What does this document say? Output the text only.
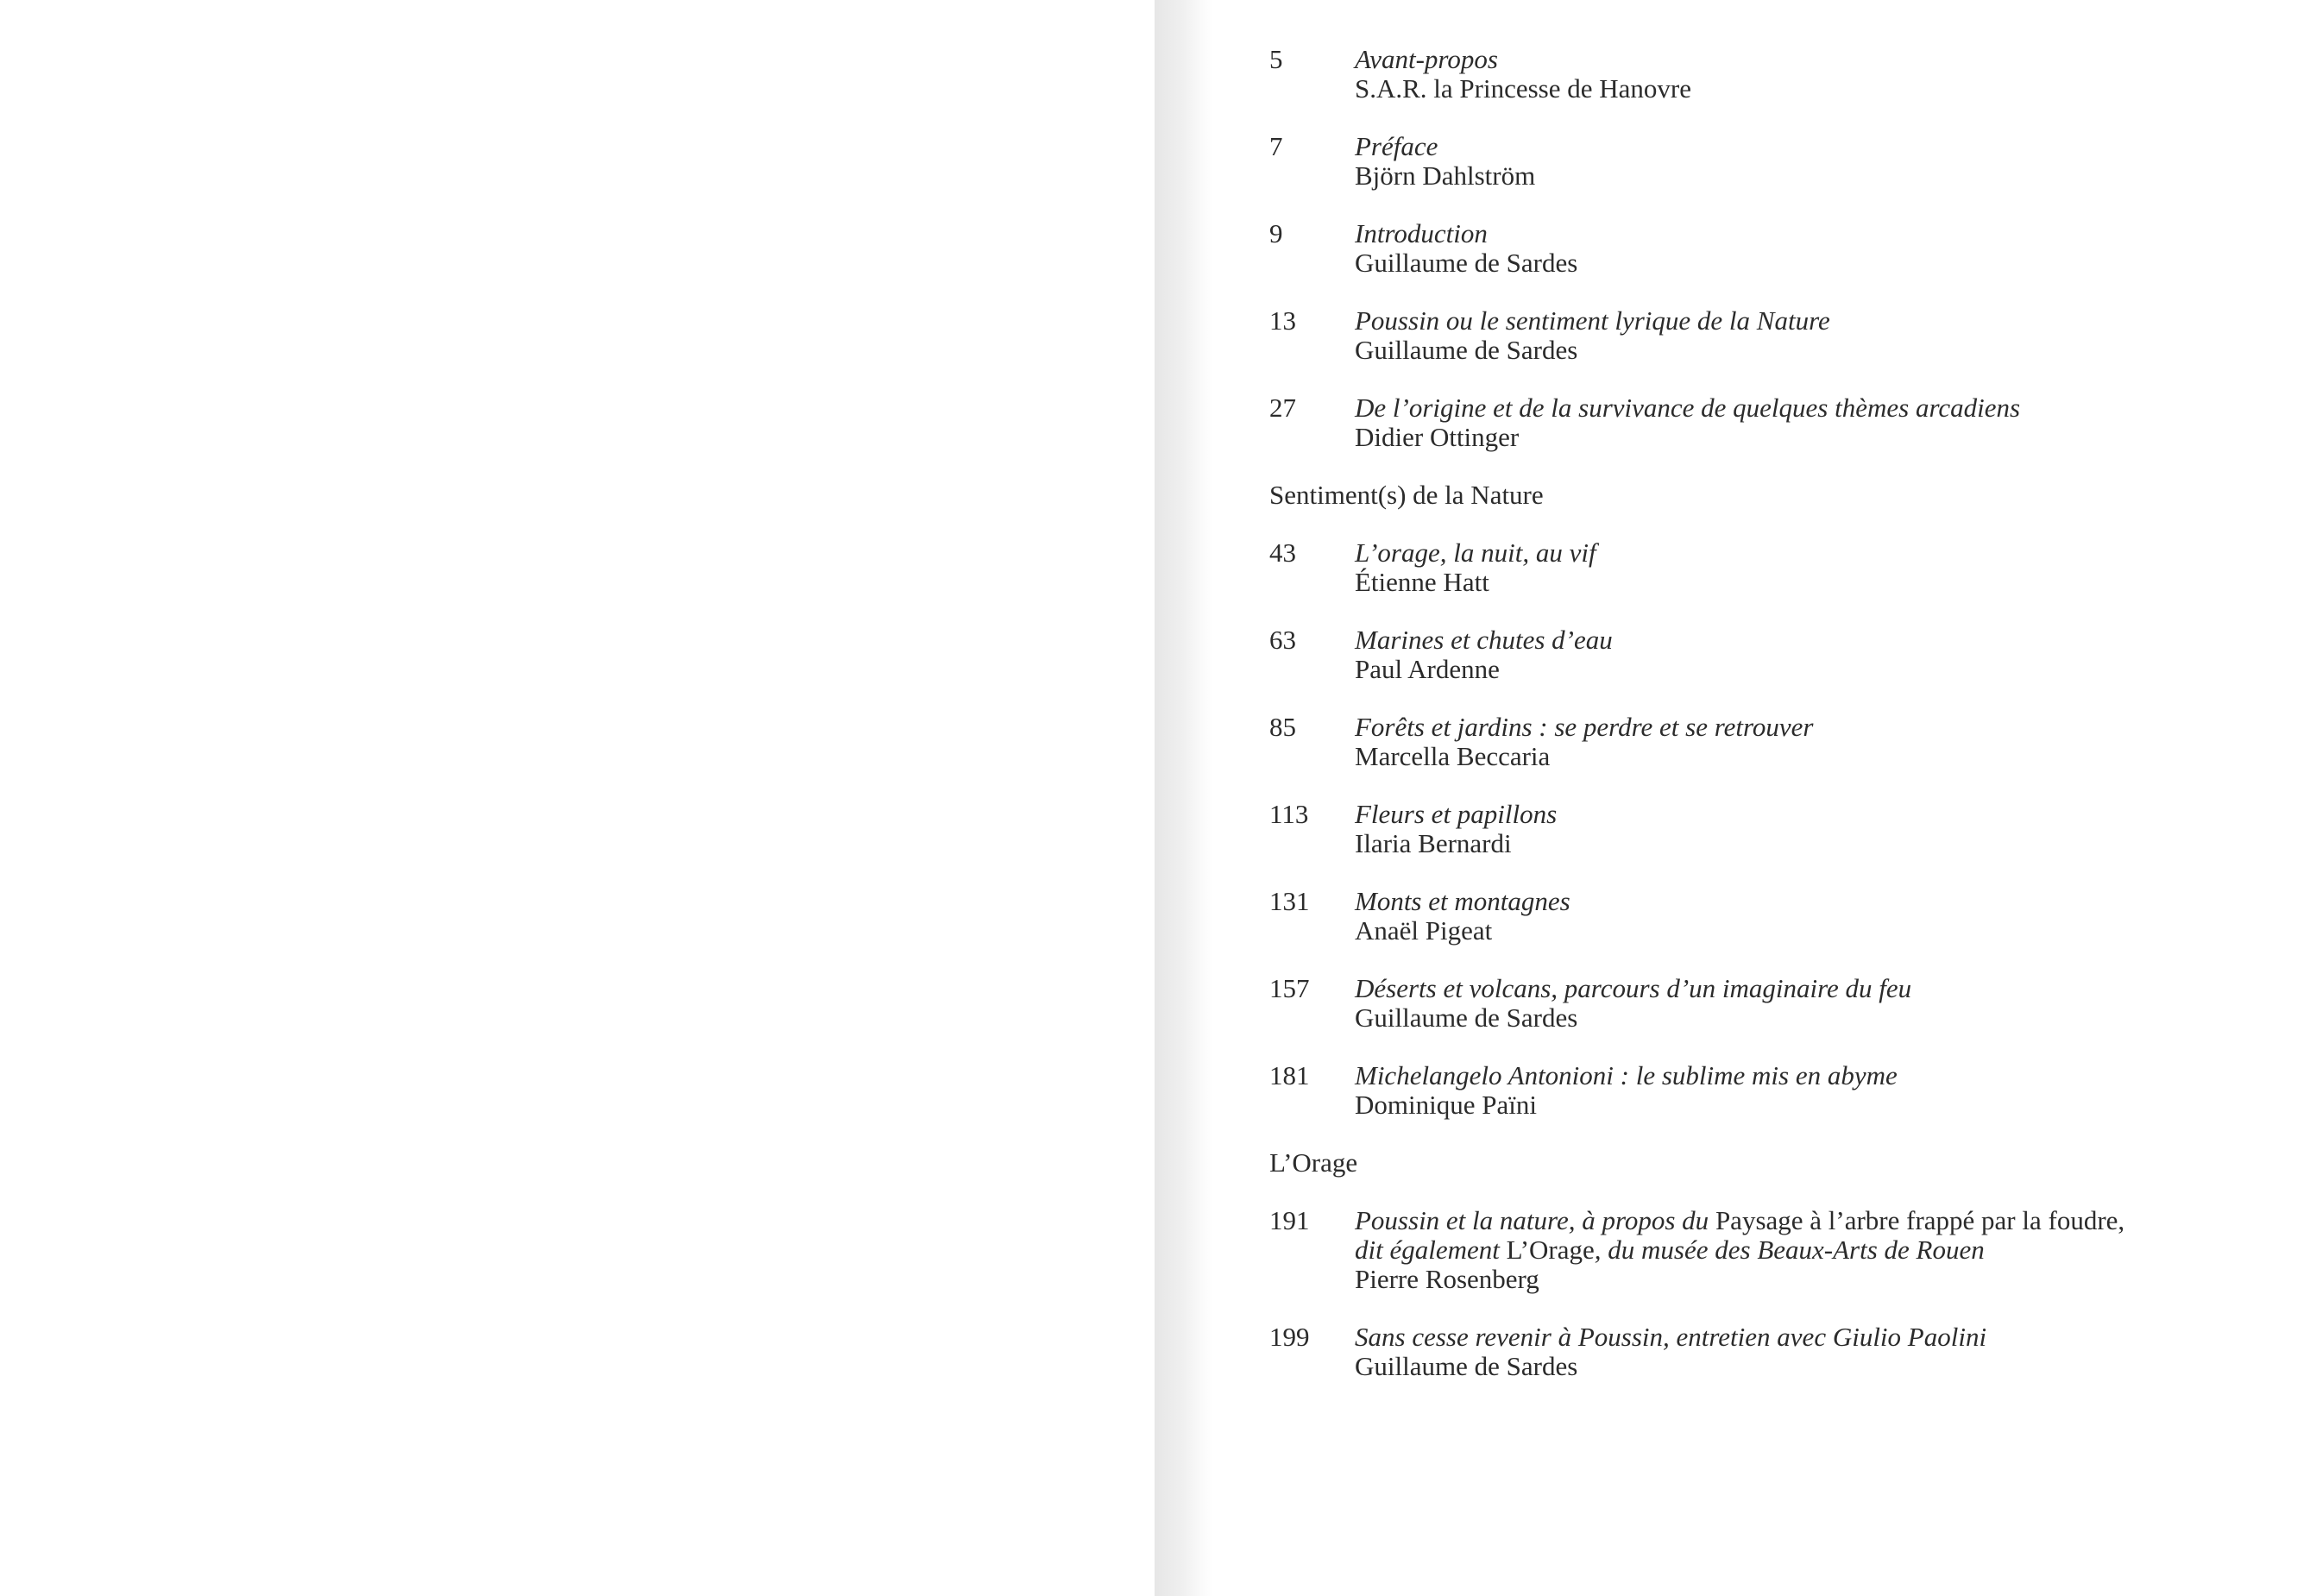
5	Avant-propos
S.A.R. la Princesse de Hanovre
7	Préface
Björn Dahlström
9	Introduction
Guillaume de Sardes
13	Poussin ou le sentiment lyrique de la Nature
Guillaume de Sardes
27	De l’origine et de la survivance de quelques thèmes arcadiens
Didier Ottinger
Sentiment(s) de la Nature
43	L’orage, la nuit, au vif
Étienne Hatt
63	Marines et chutes d’eau
Paul Ardenne
85	Forêts et jardins : se perdre et se retrouver
Marcella Beccaria
113	Fleurs et papillons
Ilaria Bernardi
131	Monts et montagnes
Anaël Pigeat
157	Déserts et volcans, parcours d’un imaginaire du feu
Guillaume de Sardes
181	Michelangelo Antonioni : le sublime mis en abyme
Dominique Païni
L’Orage
191	Poussin et la nature, à propos du Paysage à l’arbre frappé par la foudre,
dit également L’Orage, du musée des Beaux-Arts de Rouen
Pierre Rosenberg
199	Sans cesse revenir à Poussin, entretien avec Giulio Paolini
Guillaume de Sardes
